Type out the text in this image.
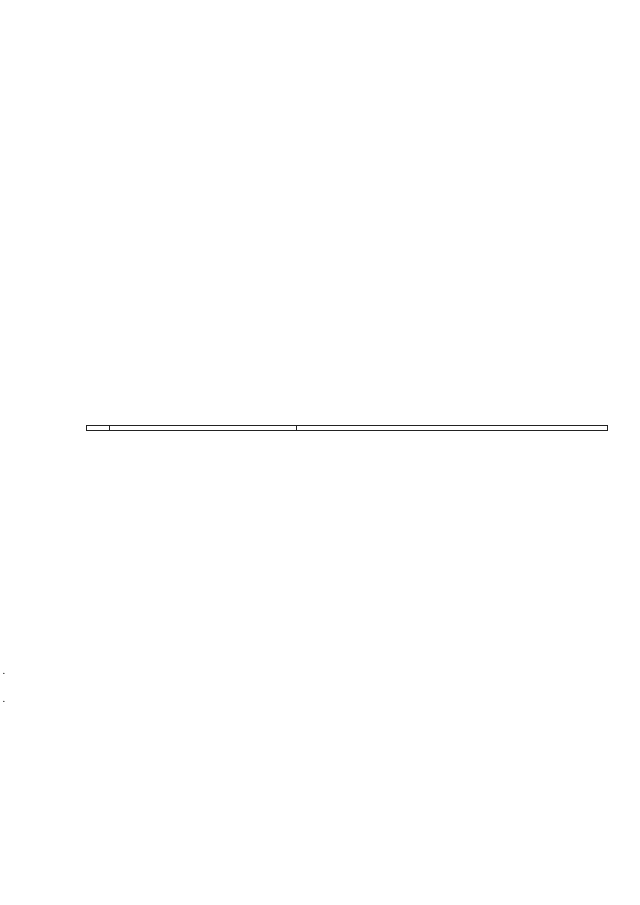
·
·
